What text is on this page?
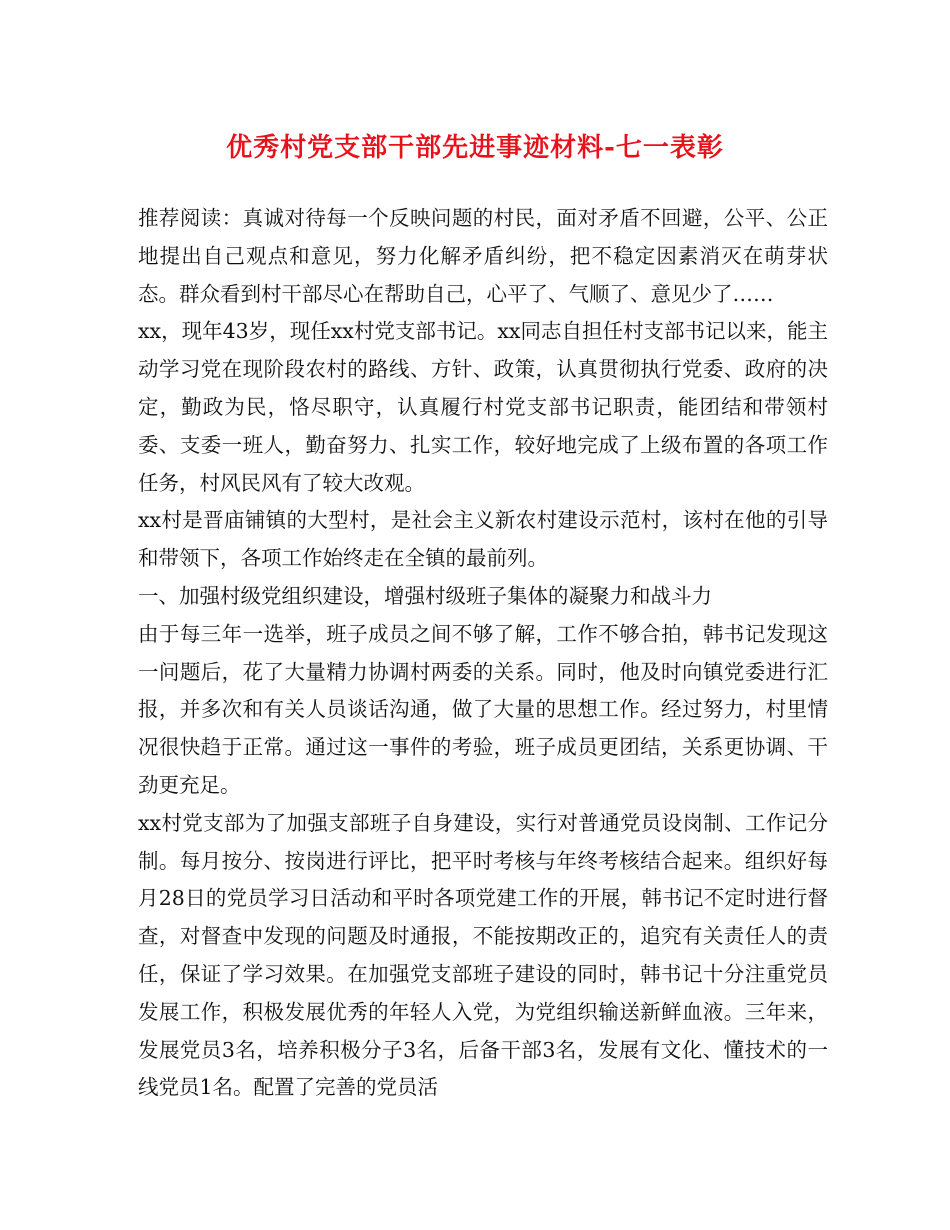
优秀村党支部干部先进事迹材料-七一表彰

推荐阅读：真诚对待每一个反映问题的村民，面对矛盾不回避，公平、公正地提出自己观点和意见，努力化解矛盾纠纷，把不稳定因素消灭在萌芽状态。群众看到村干部尽心在帮助自己，心平了、气顺了、意见少了……

xx，现年43岁，现任xx村党支部书记。xx同志自担任村支部书记以来，能主动学习党在现阶段农村的路线、方针、政策，认真贯彻执行党委、政府的决定，勤政为民，恪尽职守，认真履行村党支部书记职责，能团结和带领村委、支委一班人，勤奋努力、扎实工作，较好地完成了上级布置的各项工作任务，村风民风有了较大改观。

xx村是晋庙铺镇的大型村，是社会主义新农村建设示范村，该村在他的引导和带领下，各项工作始终走在全镇的最前列。

一、加强村级党组织建设，增强村级班子集体的凝聚力和战斗力

由于每三年一选举，班子成员之间不够了解，工作不够合拍，韩书记发现这一问题后，花了大量精力协调村两委的关系。同时，他及时向镇党委进行汇报，并多次和有关人员谈话沟通，做了大量的思想工作。经过努力，村里情况很快趋于正常。通过这一事件的考验，班子成员更团结，关系更协调、干劲更充足。

xx村党支部为了加强支部班子自身建设，实行对普通党员设岗制、工作记分制。每月按分、按岗进行评比，把平时考核与年终考核结合起来。组织好每月28日的党员学习日活动和平时各项党建工作的开展，韩书记不定时进行督查，对督查中发现的问题及时通报，不能按期改正的，追究有关责任人的责任，保证了学习效果。在加强党支部班子建设的同时，韩书记十分注重党员发展工作，积极发展优秀的年轻人入党，为党组织输送新鲜血液。三年来，发展党员3名，培养积极分子3名，后备干部3名，发展有文化、懂技术的一线党员1名。配置了完善的党员活
